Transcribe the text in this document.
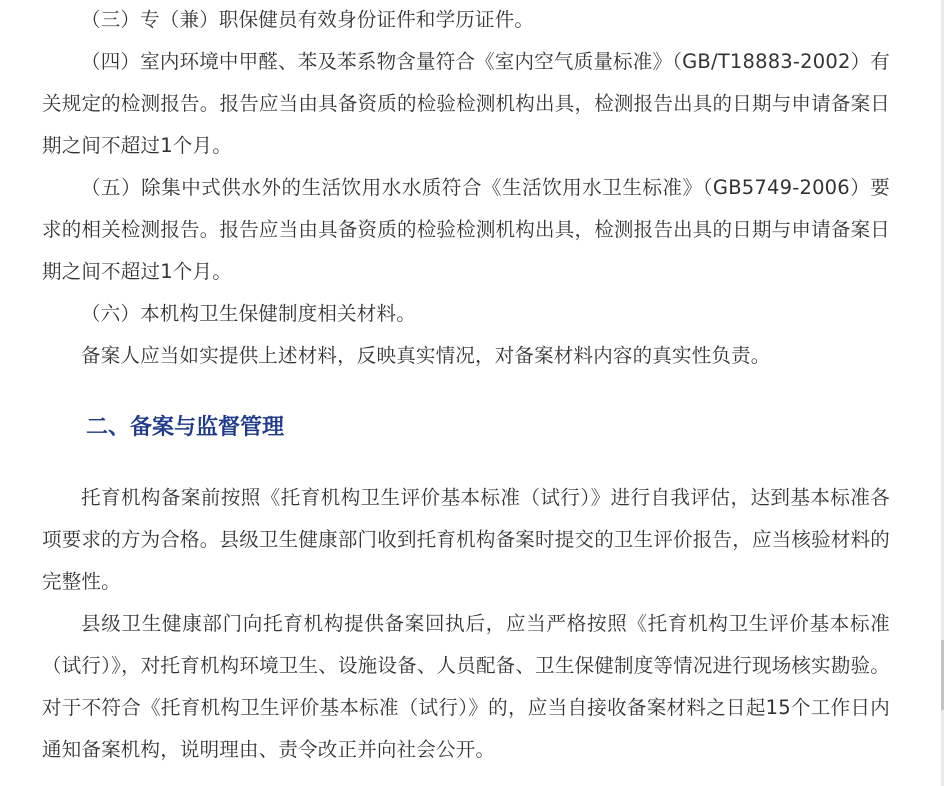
（三）专（兼）职保健员有效身份证件和学历证件。

（四）室内环境中甲醛、苯及苯系物含量符合《室内空气质量标准》（GB/T18883-2002）有关规定的检测报告。报告应当由具备资质的检验检测机构出具，检测报告出具的日期与申请备案日期之间不超过1个月。

（五）除集中式供水外的生活饮用水水质符合《生活饮用水卫生标准》（GB5749-2006）要求的相关检测报告。报告应当由具备资质的检验检测机构出具，检测报告出具的日期与申请备案日期之间不超过1个月。

（六）本机构卫生保健制度相关材料。

备案人应当如实提供上述材料，反映真实情况，对备案材料内容的真实性负责。

二、备案与监督管理

托育机构备案前按照《托育机构卫生评价基本标准（试行）》进行自我评估，达到基本标准各项要求的方为合格。县级卫生健康部门收到托育机构备案时提交的卫生评价报告，应当核验材料的完整性。

县级卫生健康部门向托育机构提供备案回执后，应当严格按照《托育机构卫生评价基本标准（试行）》，对托育机构环境卫生、设施设备、人员配备、卫生保健制度等情况进行现场核实勘验。对于不符合《托育机构卫生评价基本标准（试行）》的，应当自接收备案材料之日起15个工作日内通知备案机构，说明理由、责令改正并向社会公开。
